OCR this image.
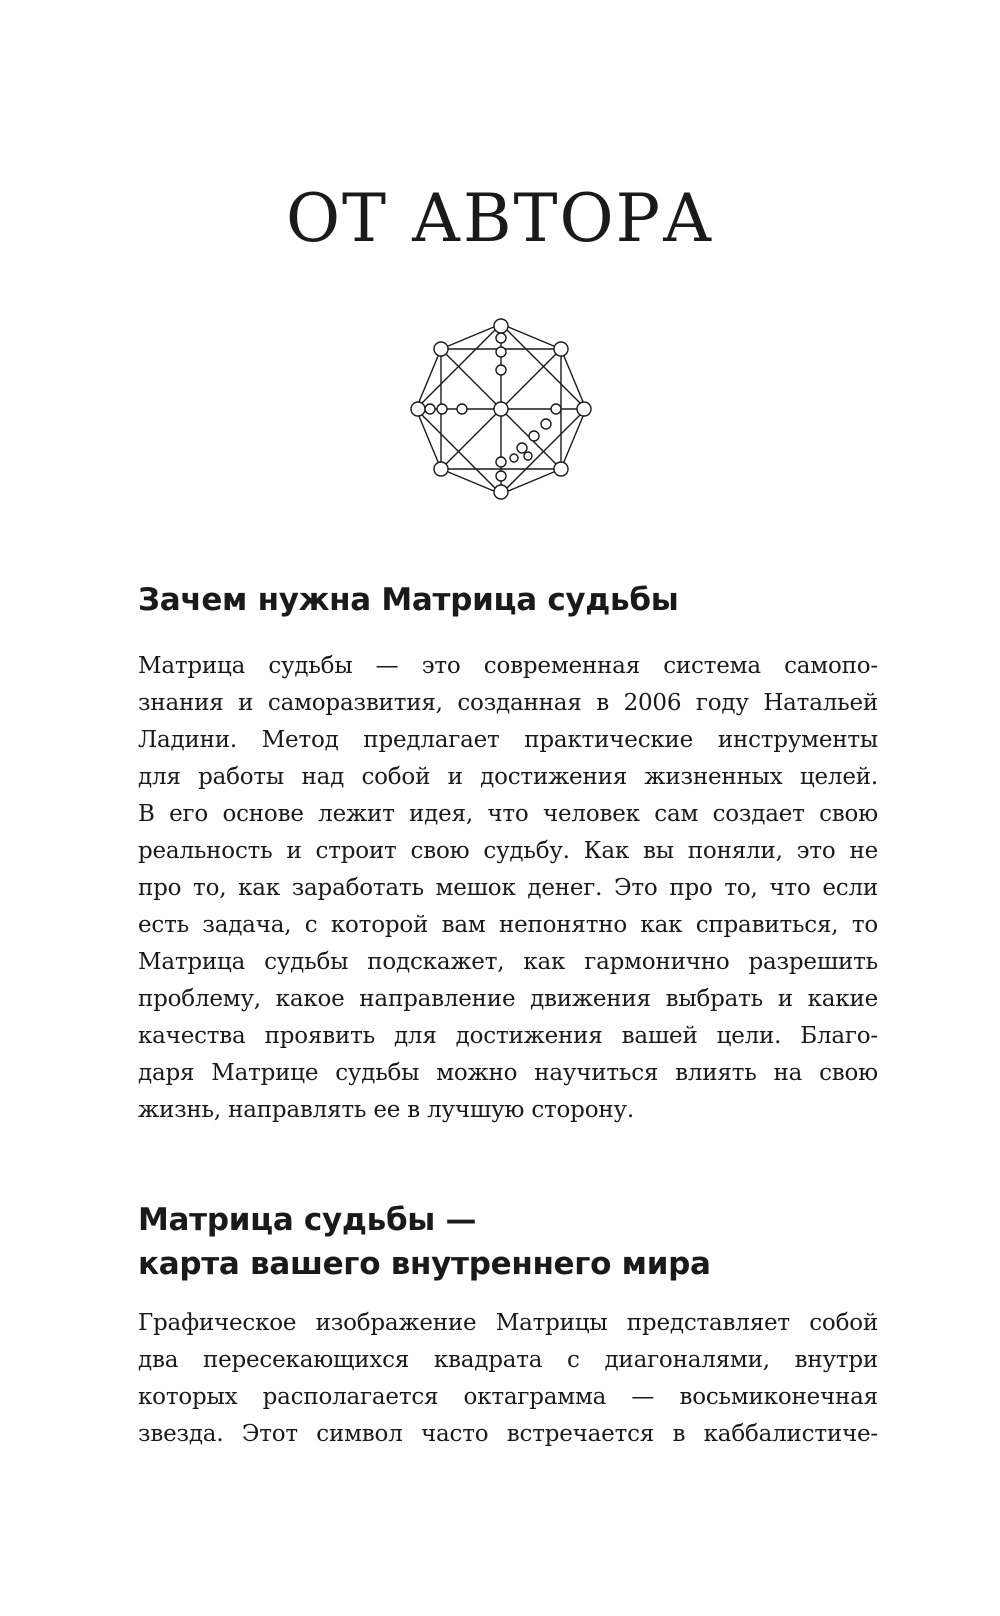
ОТ АВТОРА
Зачем нужна Матрица судьбы

Матрица судьбы — это современная система самопо-
знания и саморазвития, созданная в 2006 году Натальей
Ладини. Метод предлагает практические инструменты
для работы над собой и достижения жизненных целей.
В его основе лежит идея, что человек сам создает свою
реальность и строит свою судьбу. Как вы поняли, это не
про то, как заработать мешок денег. Это про то, что если
есть задача, с которой вам непонятно как справиться, то
Матрица судьбы подскажет, как гармонично разрешить
проблему, какое направление движения выбрать и какие
качества проявить для достижения вашей цели. Благо-
даря Матрице судьбы можно научиться влиять на свою
жизнь, направлять ее в лучшую сторону.

Матрица судьбы —
карта вашего внутреннего мира

Графическое изображение Матрицы представляет собой
два пересекающихся квадрата с диагоналями, внутри
которых располагается октаграмма — восьмиконечная
звезда. Этот символ часто встречается в каббалистиче-
